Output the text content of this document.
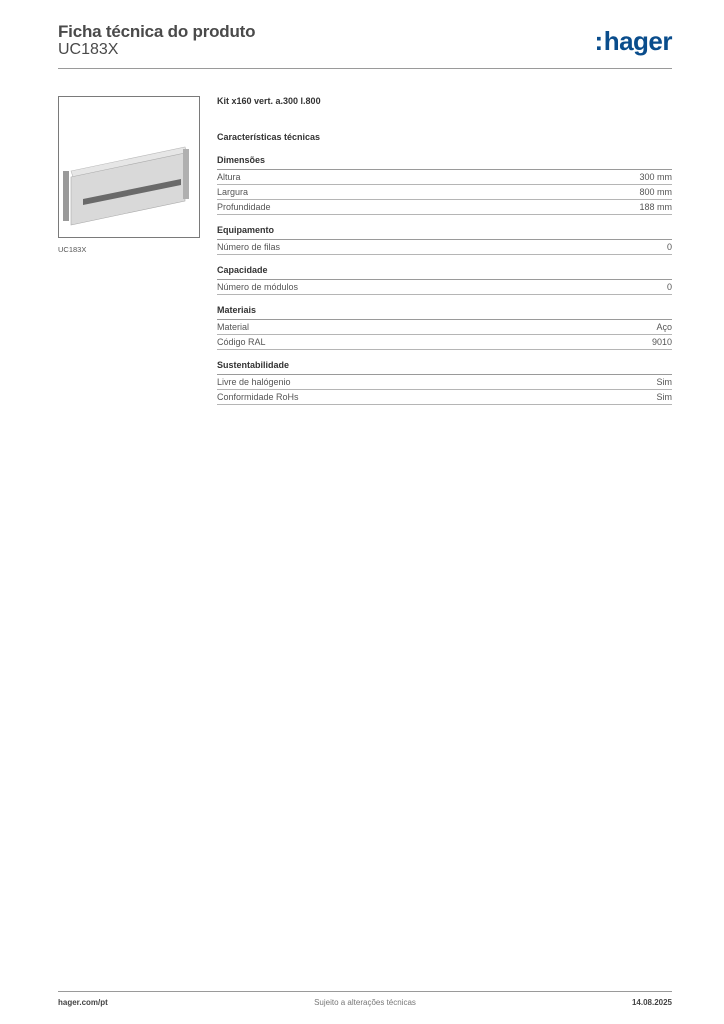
Ficha técnica do produto
UC183X	:hager
UC183X
Kit x160 vert. a.300 l.800
Características técnicas
Dimensões
Altura	300 mm
Largura	800 mm
Profundidade	188 mm
Equipamento
Número de filas	0
Capacidade
Número de módulos	0
Materiais
Material	Aço
Código RAL	9010
Sustentabilidade
Livre de halógenio	Sim
Conformidade RoHs	Sim
hager.com/pt	Sujeito a alterações técnicas	14.08.2025
